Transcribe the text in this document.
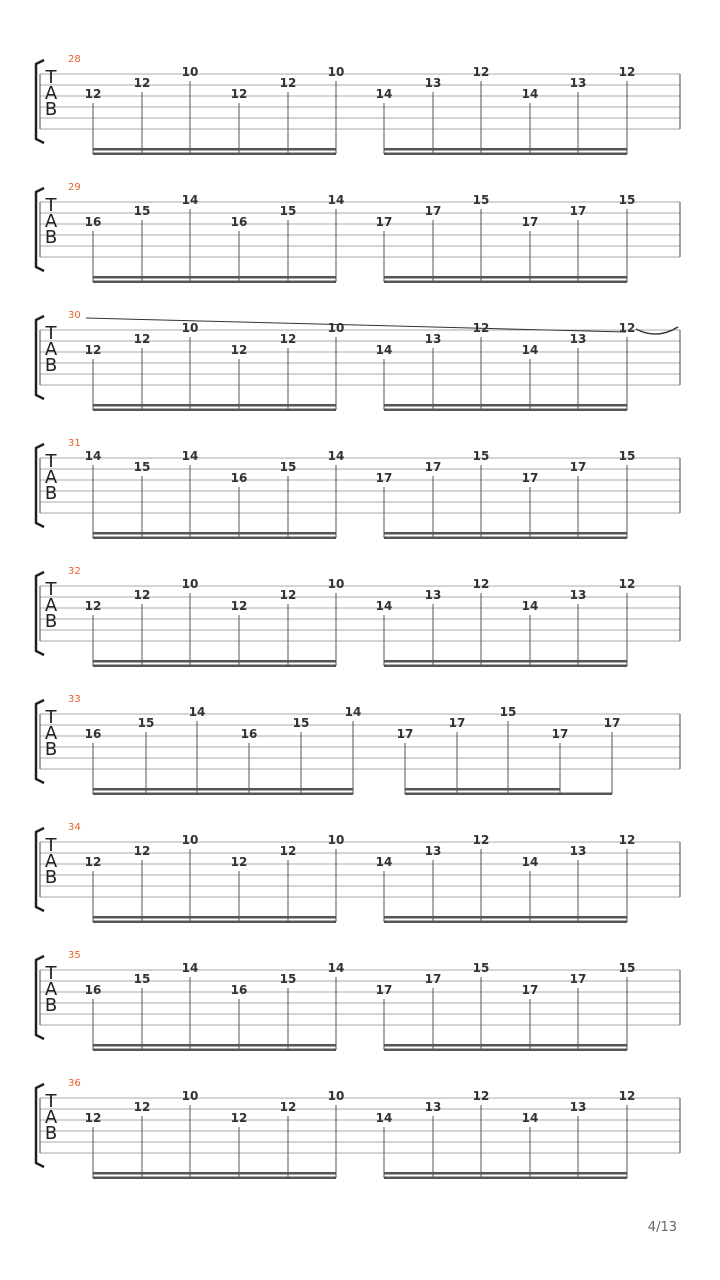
28
T
A
B
12
12
10
12
12
10
14
13
12
14
13
12
29
T
A
B
16
15
14
16
15
14
17
17
15
17
17
15
30
T
A
B
12
12
10
12
12
10
14
13
12
14
13
12
31
T
A
B
14
15
14
16
15
14
17
17
15
17
17
15
32
T
A
B
12
12
10
12
12
10
14
13
12
14
13
12
33
T
A
B
16
15
14
16
15
14
17
17
15
17
17
34
T
A
B
12
12
10
12
12
10
14
13
12
14
13
12
35
T
A
B
16
15
14
16
15
14
17
17
15
17
17
15
36
T
A
B
12
12
10
12
12
10
14
13
12
14
13
12
4/13
